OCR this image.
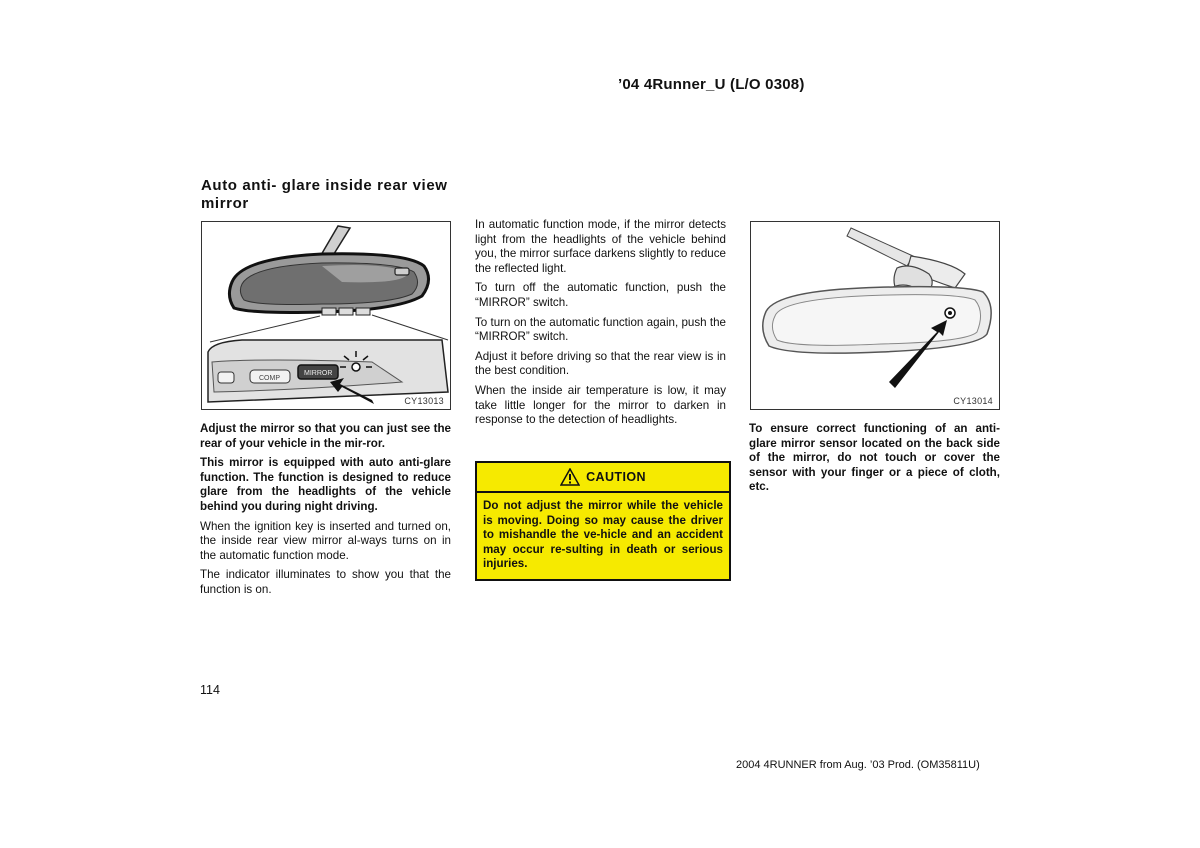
’04 4Runner_U (L/O 0308)
Auto anti- glare inside rear view mirror
COMP
MIRROR
CY13013	CY13014

Adjust the mirror so that you can just see the rear of your vehicle in the mir-ror.

This mirror is equipped with auto anti-glare function. The function is designed to reduce glare from the headlights of the vehicle behind you during night driving.

When the ignition key is inserted and turned on, the inside rear view mirror al-ways turns on in the automatic function mode.

The indicator illuminates to show you that the function is on.

In automatic function mode, if the mirror detects light from the headlights of the vehicle behind you, the mirror surface darkens slightly to reduce the reflected light.

To turn off the automatic function, push the “MIRROR” switch.

To turn on the automatic function again, push the “MIRROR” switch.

Adjust it before driving so that the rear view is in the best condition.

When the inside air temperature is low, it may take little longer for the mirror to darken in response to the detection of headlights.

CAUTION
Do not adjust the mirror while the vehicle is moving. Doing so may cause the driver to mishandle the ve-hicle and an accident may occur re-sulting in death or serious injuries.

To ensure correct functioning of an anti- glare mirror sensor located on the back side of the mirror, do not touch or cover the sensor with your finger or a piece of cloth, etc.

114
2004 4RUNNER from Aug. ’03 Prod. (OM35811U)
